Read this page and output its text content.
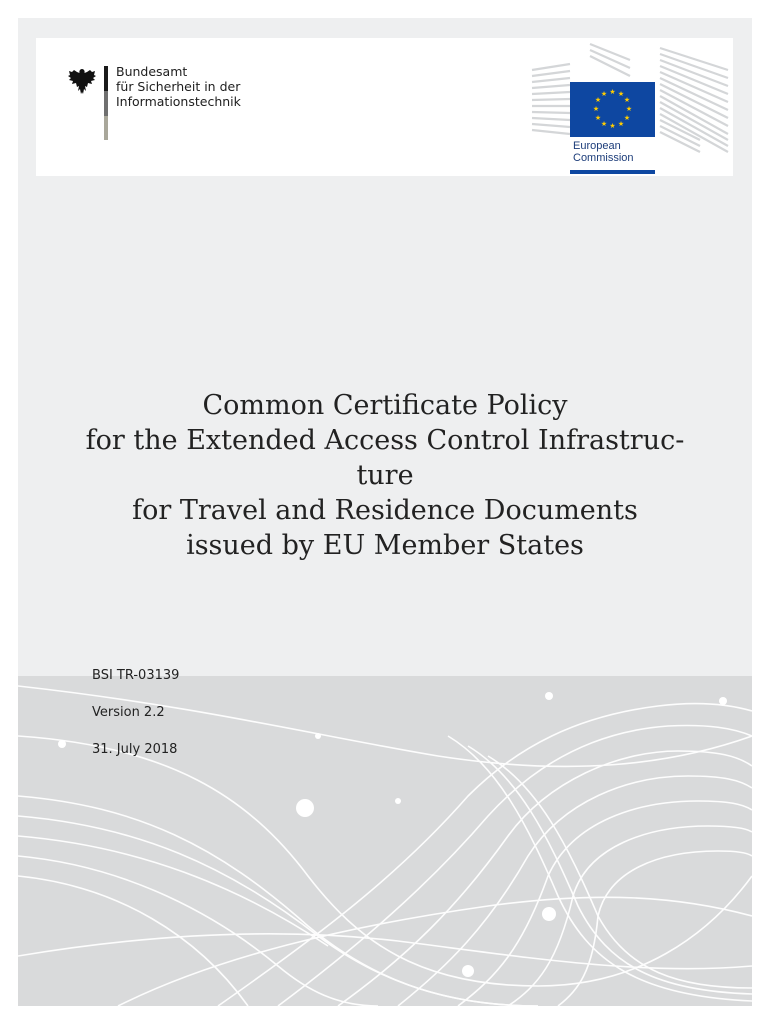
Bundesamt
für Sicherheit in der
Informationstechnik
★ ★
★
★
★
★
★
★
★
★
★
★
European
Commission
Common Certificate Policy
for the Extended Access Control Infrastruc-
ture
for Travel and Residence Documents
issued by EU Member States
BSI TR-03139
Version 2.2
31. July 2018
